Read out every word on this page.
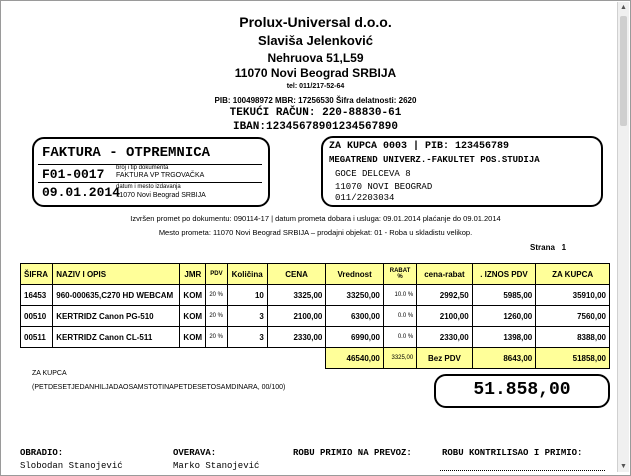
▲
▼
Prolux-Universal d.o.o.
Slaviša Jelenković
Nehruova 51,L59
11070 Novi Beograd SRBIJA
tel: 011/217-52-64
PIB: 100498972 MBR: 17256530 Šifra delatnosti: 2620
TEKUĆI RAČUN: 220-88830-61
IBAN:12345678901234567890
FAKTURA - OTPREMNICA
F01-0017 broj i tip dokumenta
FAKTURA VP TRGOVAČKA
09.01.2014
datum i mesto izdavanja
11070 Novi Beograd SRBIJA
ZA KUPCA 0003 | PIB: 123456789
MEGATREND UNIVERZ.-FAKULTET POS.STUDIJA
GOCE DELCEVA 8
11070 NOVI BEOGRAD
011/2203034
Izvršen promet po dokumentu: 090114-17 | datum prometa dobara i usluga: 09.01.2014 plaćanje do 09.01.2014
Mesto prometa: 11070 Novi Beograd SRBIJA – prodajni objekat: 01 - Roba u skladistu velikop.
Strana 1
ŠIFRA	NAZIV I OPIS	JMR	PDV	Količina	CENA	Vrednost	RABAT %	cena-rabat	. IZNOS PDV	ZA KUPCA
16453	960-000635,C270 HD WEBCAM	KOM	20 %	10	3325,00	33250,00	10.0 %	2992,50	5985,00	35910,00
00510	KERTRIDZ Canon PG-510	KOM	20 %	3	2100,00	6300,00	0.0 %	2100,00	1260,00	7560,00
00511	KERTRIDZ Canon CL-511	KOM	20 %	3	2330,00	6990,00	0.0 %	2330,00	1398,00	8388,00
						46540,00	3325,00	Bez PDV	8643,00	51858,00
ZA KUPCA
(PETDESETJEDANHILJADAOSAMSTOTINAPETDESETOSAMDINARA, 00/100)	51.858,00
OBRADIO:
Slobodan Stanojević
OVERAVA:
Marko Stanojević
ROBU PRIMIO NA PREVOZ:	ROBU KONTRILISAO I PRIMIO:
